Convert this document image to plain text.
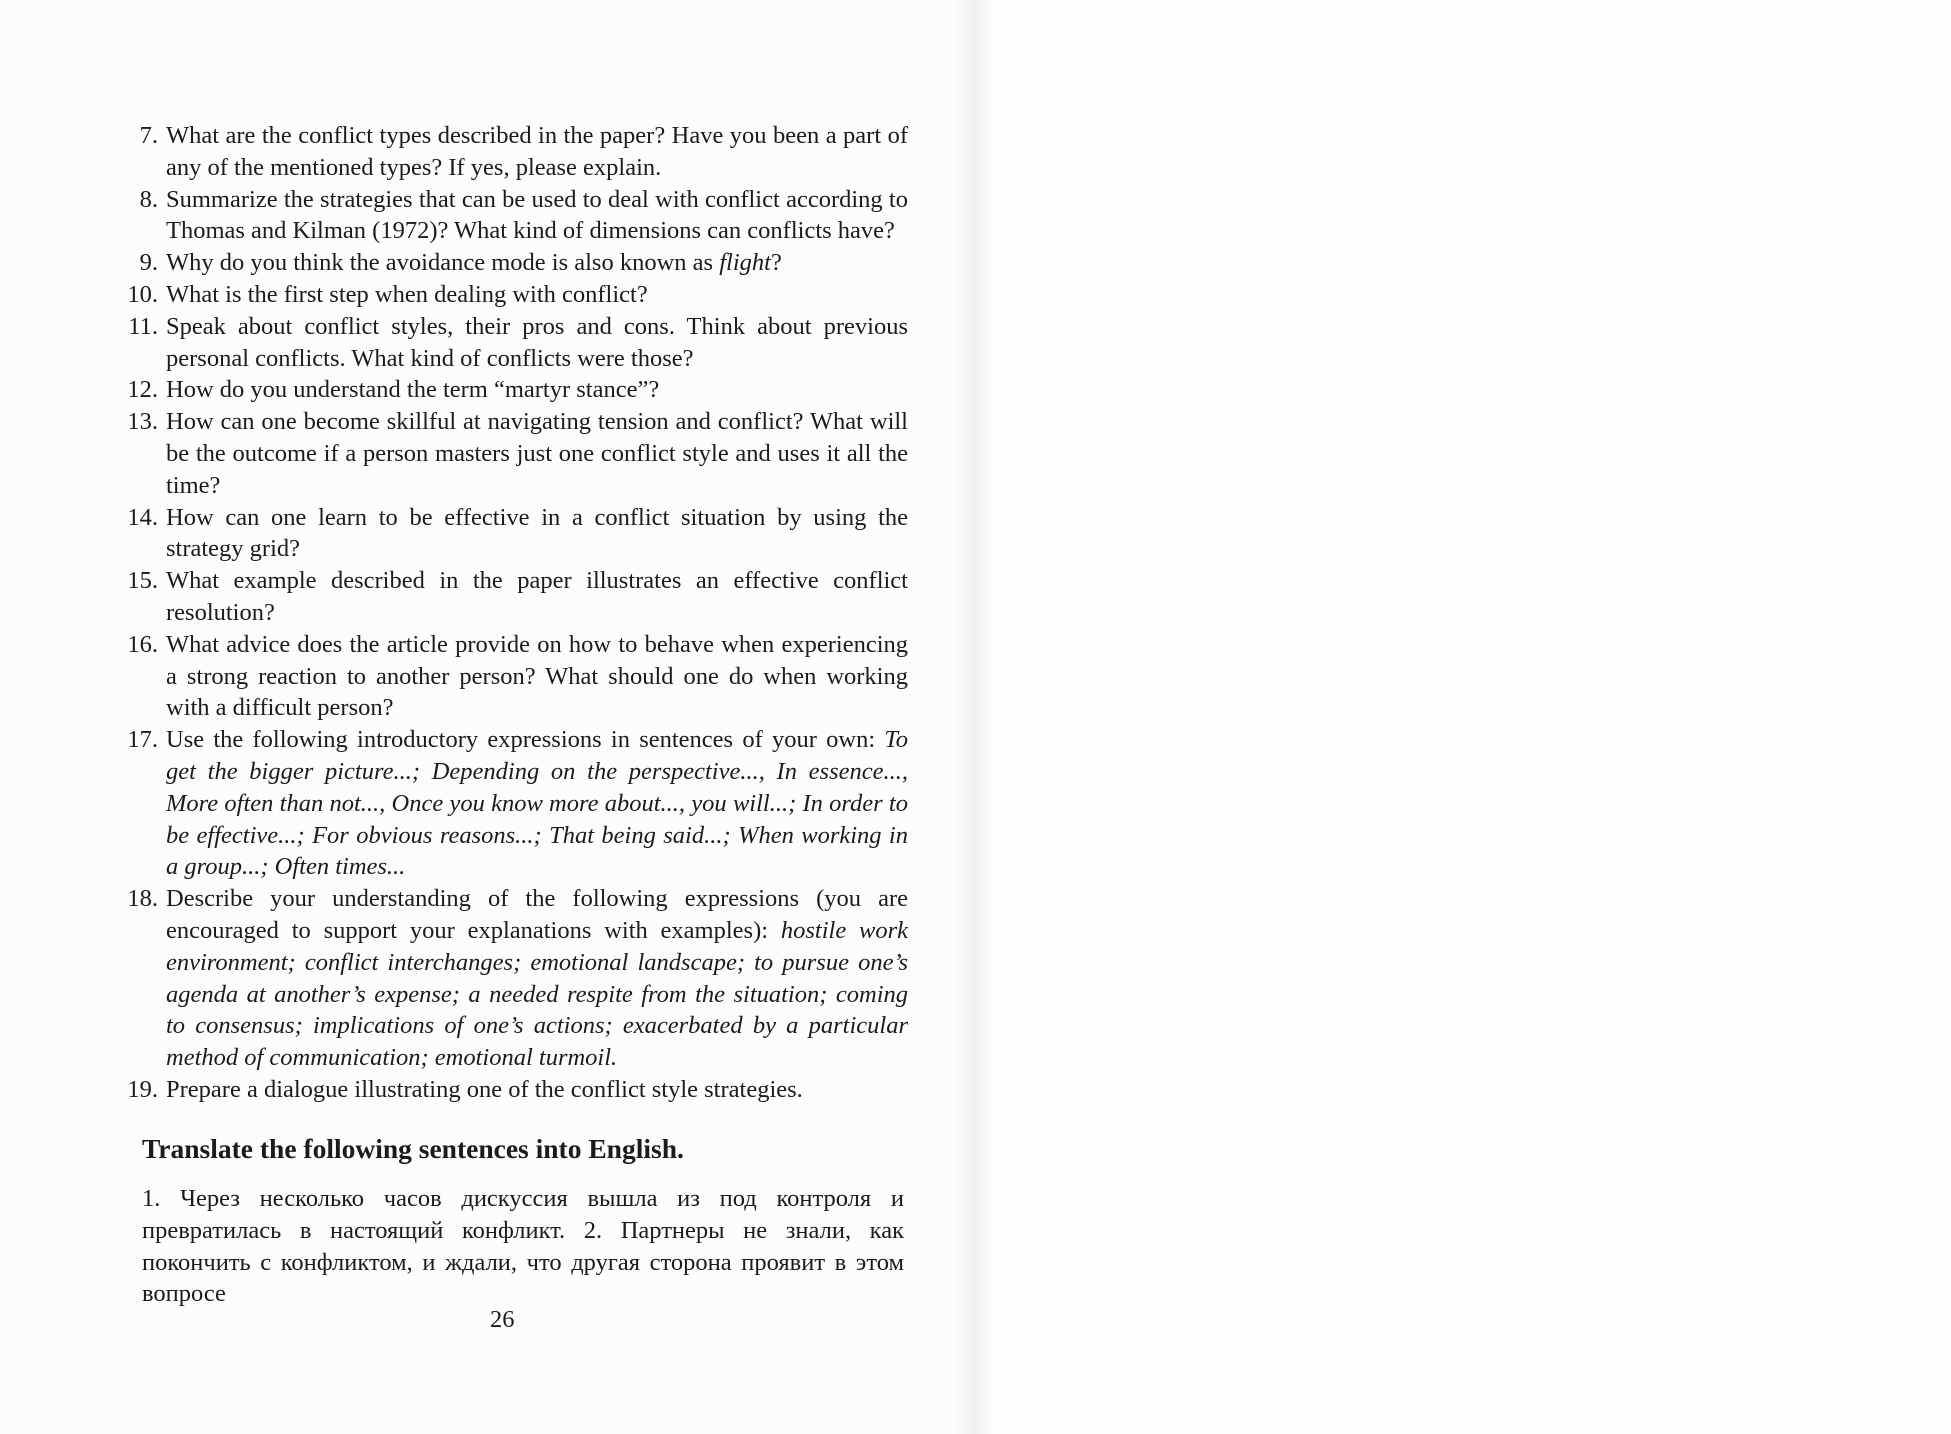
7. What are the conflict types described in the paper? Have you been a part of any of the mentioned types? If yes, please explain.
8. Summarize the strategies that can be used to deal with conflict according to Thomas and Kilman (1972)? What kind of dimensions can conflicts have?
9. Why do you think the avoidance mode is also known as flight?
10. What is the first step when dealing with conflict?
11. Speak about conflict styles, their pros and cons. Think about previous personal conflicts. What kind of conflicts were those?
12. How do you understand the term “martyr stance”?
13. How can one become skillful at navigating tension and conflict? What will be the outcome if a person masters just one conflict style and uses it all the time?
14. How can one learn to be effective in a conflict situation by using the strategy grid?
15. What example described in the paper illustrates an effective conflict resolution?
16. What advice does the article provide on how to behave when experiencing a strong reaction to another person? What should one do when working with a difficult person?
17. Use the following introductory expressions in sentences of your own: To get the bigger picture...; Depending on the perspective..., In essence..., More often than not..., Once you know more about..., you will...; In order to be effective...; For obvious reasons...; That being said...; When working in a group...; Often times...
18. Describe your understanding of the following expressions (you are encouraged to support your explanations with examples): hostile work environment; conflict interchanges; emotional landscape; to pursue one’s agenda at another’s expense; a needed respite from the situation; coming to consensus; implications of one’s actions; exacerbated by a particular method of communication; emotional turmoil.
19. Prepare a dialogue illustrating one of the conflict style strategies.
Translate the following sentences into English.

1. Через несколько часов дискуссия вышла из под контроля и превратилась в настоящий конфликт. 2. Партнеры не знали, как покончить с конфликтом, и ждали, что другая сторона проявит в этом вопросе

26
